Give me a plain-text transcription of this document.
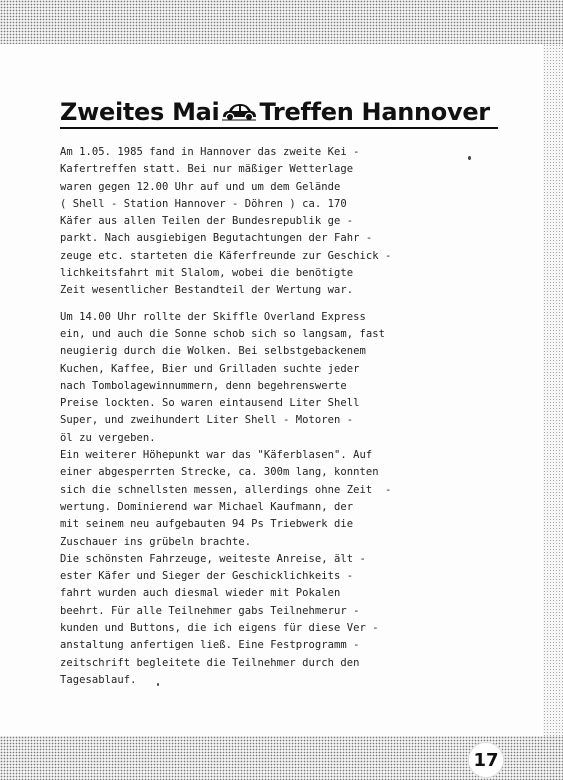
Zweites Mai Treffen Hannover
Am 1.05. 1985 fand in Hannover das zweite Kei -
Kafertreffen statt. Bei nur mäßiger Wetterlage
waren gegen 12.00 Uhr auf und um dem Gelände
( Shell - Station Hannover - Döhren ) ca. 170
Käfer aus allen Teilen der Bundesrepublik ge -
parkt. Nach ausgiebigen Begutachtungen der Fahr -
zeuge etc. starteten die Käferfreunde zur Geschick -
lichkeitsfahrt mit Slalom, wobei die benötigte
Zeit wesentlicher Bestandteil der Wertung war.
Um 14.00 Uhr rollte der Skiffle Overland Express
ein, und auch die Sonne schob sich so langsam, fast
neugierig durch die Wolken. Bei selbstgebackenem
Kuchen, Kaffee, Bier und Grilladen suchte jeder
nach Tombolagewinnummern, denn begehrenswerte
Preise lockten. So waren eintausend Liter Shell
Super, und zweihundert Liter Shell - Motoren -
öl zu vergeben.
Ein weiterer Höhepunkt war das "Käferblasen". Auf
einer abgesperrten Strecke, ca. 300m lang, konnten
sich die schnellsten messen, allerdings ohne Zeit  -
wertung. Dominierend war Michael Kaufmann, der
mit seinem neu aufgebauten 94 Ps Triebwerk die
Zuschauer ins grübeln brachte.
Die schönsten Fahrzeuge, weiteste Anreise, ält -
ester Käfer und Sieger der Geschicklichkeits -
fahrt wurden auch diesmal wieder mit Pokalen
beehrt. Für alle Teilnehmer gabs Teilnehmerur -
kunden und Buttons, die ich eigens für diese Ver -
anstaltung anfertigen ließ. Eine Festprogramm -
zeitschrift begleitete die Teilnehmer durch den
Tagesablauf.
17
